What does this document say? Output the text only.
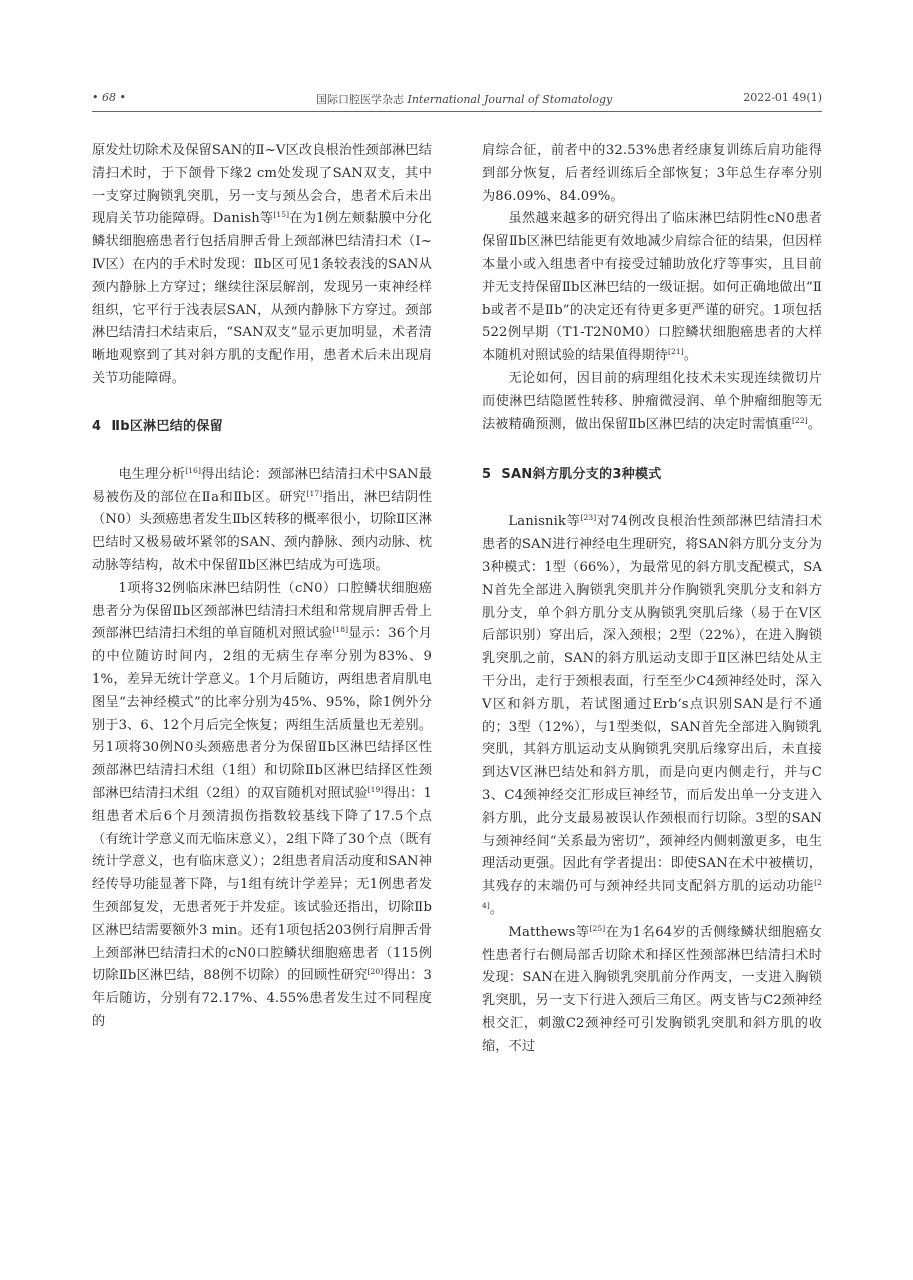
• 68 •	国际口腔医学杂志 International Journal of Stomatology	2022-01 49(1)

原发灶切除术及保留SAN的Ⅱ~Ⅴ区改良根治性颈部淋巴结清扫术时，于下颌骨下缘2 cm处发现了SAN双支，其中一支穿过胸锁乳突肌，另一支与颈丛会合，患者术后未出现肩关节功能障碍。Danish等[15]在为1例左颊黏膜中分化鳞状细胞癌患者行包括肩胛舌骨上颈部淋巴结清扫术（Ⅰ~Ⅳ区）在内的手术时发现：Ⅱb区可见1条较表浅的SAN从颈内静脉上方穿过；继续往深层解剖，发现另一束神经样组织，它平行于浅表层SAN，从颈内静脉下方穿过。颈部淋巴结清扫术结束后，“SAN双支”显示更加明显，术者清晰地观察到了其对斜方肌的支配作用，患者术后未出现肩关节功能障碍。

4 Ⅱb区淋巴结的保留

电生理分析[16]得出结论：颈部淋巴结清扫术中SAN最易被伤及的部位在Ⅱa和Ⅱb区。研究[17]指出，淋巴结阴性（N0）头颈癌患者发生Ⅱb区转移的概率很小，切除Ⅱ区淋巴结时又极易破坏紧邻的SAN、颈内静脉、颈内动脉、枕动脉等结构，故术中保留Ⅱb区淋巴结成为可选项。

1项将32例临床淋巴结阴性（cN0）口腔鳞状细胞癌患者分为保留Ⅱb区颈部淋巴结清扫术组和常规肩胛舌骨上颈部淋巴结清扫术组的单盲随机对照试验[18]显示：36个月的中位随访时间内，2组的无病生存率分别为83%、91%，差异无统计学意义。1个月后随访，两组患者肩肌电图呈“去神经模式”的比率分别为45%、95%，除1例外分别于3、6、12个月后完全恢复；两组生活质量也无差别。另1项将30例N0头颈癌患者分为保留Ⅱb区淋巴结择区性颈部淋巴结清扫术组（1组）和切除Ⅱb区淋巴结择区性颈部淋巴结清扫术组（2组）的双盲随机对照试验[19]得出：1组患者术后6个月颈清损伤指数较基线下降了17.5个点（有统计学意义而无临床意义），2组下降了30个点（既有统计学意义，也有临床意义）；2组患者肩活动度和SAN神经传导功能显著下降，与1组有统计学差异；无1例患者发生颈部复发，无患者死于并发症。该试验还指出，切除Ⅱb区淋巴结需要额外3 min。还有1项包括203例行肩胛舌骨上颈部淋巴结清扫术的cN0口腔鳞状细胞癌患者（115例切除Ⅱb区淋巴结，88例不切除）的回顾性研究[20]得出：3年后随访，分别有72.17%、4.55%患者发生过不同程度的

肩综合征，前者中的32.53%患者经康复训练后肩功能得到部分恢复，后者经训练后全部恢复；3年总生存率分别为86.09%、84.09%。

虽然越来越多的研究得出了临床淋巴结阴性cN0患者保留Ⅱb区淋巴结能更有效地减少肩综合征的结果，但因样本量小或入组患者中有接受过辅助放化疗等事实，且目前并无支持保留Ⅱb区淋巴结的一级证据。如何正确地做出“Ⅱb或者不是Ⅱb”的决定还有待更多更严谨的研究。1项包括522例早期（T1-T2N0M0）口腔鳞状细胞癌患者的大样本随机对照试验的结果值得期待[21]。

无论如何，因目前的病理组化技术未实现连续微切片而使淋巴结隐匿性转移、肿瘤微浸润、单个肿瘤细胞等无法被精确预测，做出保留Ⅱb区淋巴结的决定时需慎重[22]。

5 SAN斜方肌分支的3种模式

Lanisnik等[23]对74例改良根治性颈部淋巴结清扫术患者的SAN进行神经电生理研究，将SAN斜方肌分支分为3种模式：1型（66%），为最常见的斜方肌支配模式，SAN首先全部进入胸锁乳突肌并分作胸锁乳突肌分支和斜方肌分支，单个斜方肌分支从胸锁乳突肌后缘（易于在Ⅴ区后部识别）穿出后，深入颈根；2型（22%），在进入胸锁乳突肌之前，SAN的斜方肌运动支即于Ⅱ区淋巴结处从主干分出，走行于颈根表面，行至至少C4颈神经处时，深入Ⅴ区和斜方肌，若试图通过Erb’s点识别SAN是行不通的；3型（12%），与1型类似，SAN首先全部进入胸锁乳突肌，其斜方肌运动支从胸锁乳突肌后缘穿出后，未直接到达Ⅴ区淋巴结处和斜方肌，而是向更内侧走行，并与C3、C4颈神经交汇形成巨神经节，而后发出单一分支进入斜方肌，此分支最易被误认作颈根而行切除。3型的SAN与颈神经间“关系最为密切”，颈神经内侧刺激更多，电生理活动更强。因此有学者提出：即使SAN在术中被横切，其残存的末端仍可与颈神经共同支配斜方肌的运动功能[24]。

Matthews等[25]在为1名64岁的舌侧缘鳞状细胞癌女性患者行右侧局部舌切除术和择区性颈部淋巴结清扫术时发现：SAN在进入胸锁乳突肌前分作两支，一支进入胸锁乳突肌，另一支下行进入颈后三角区。两支皆与C2颈神经根交汇，刺激C2颈神经可引发胸锁乳突肌和斜方肌的收缩，不过
